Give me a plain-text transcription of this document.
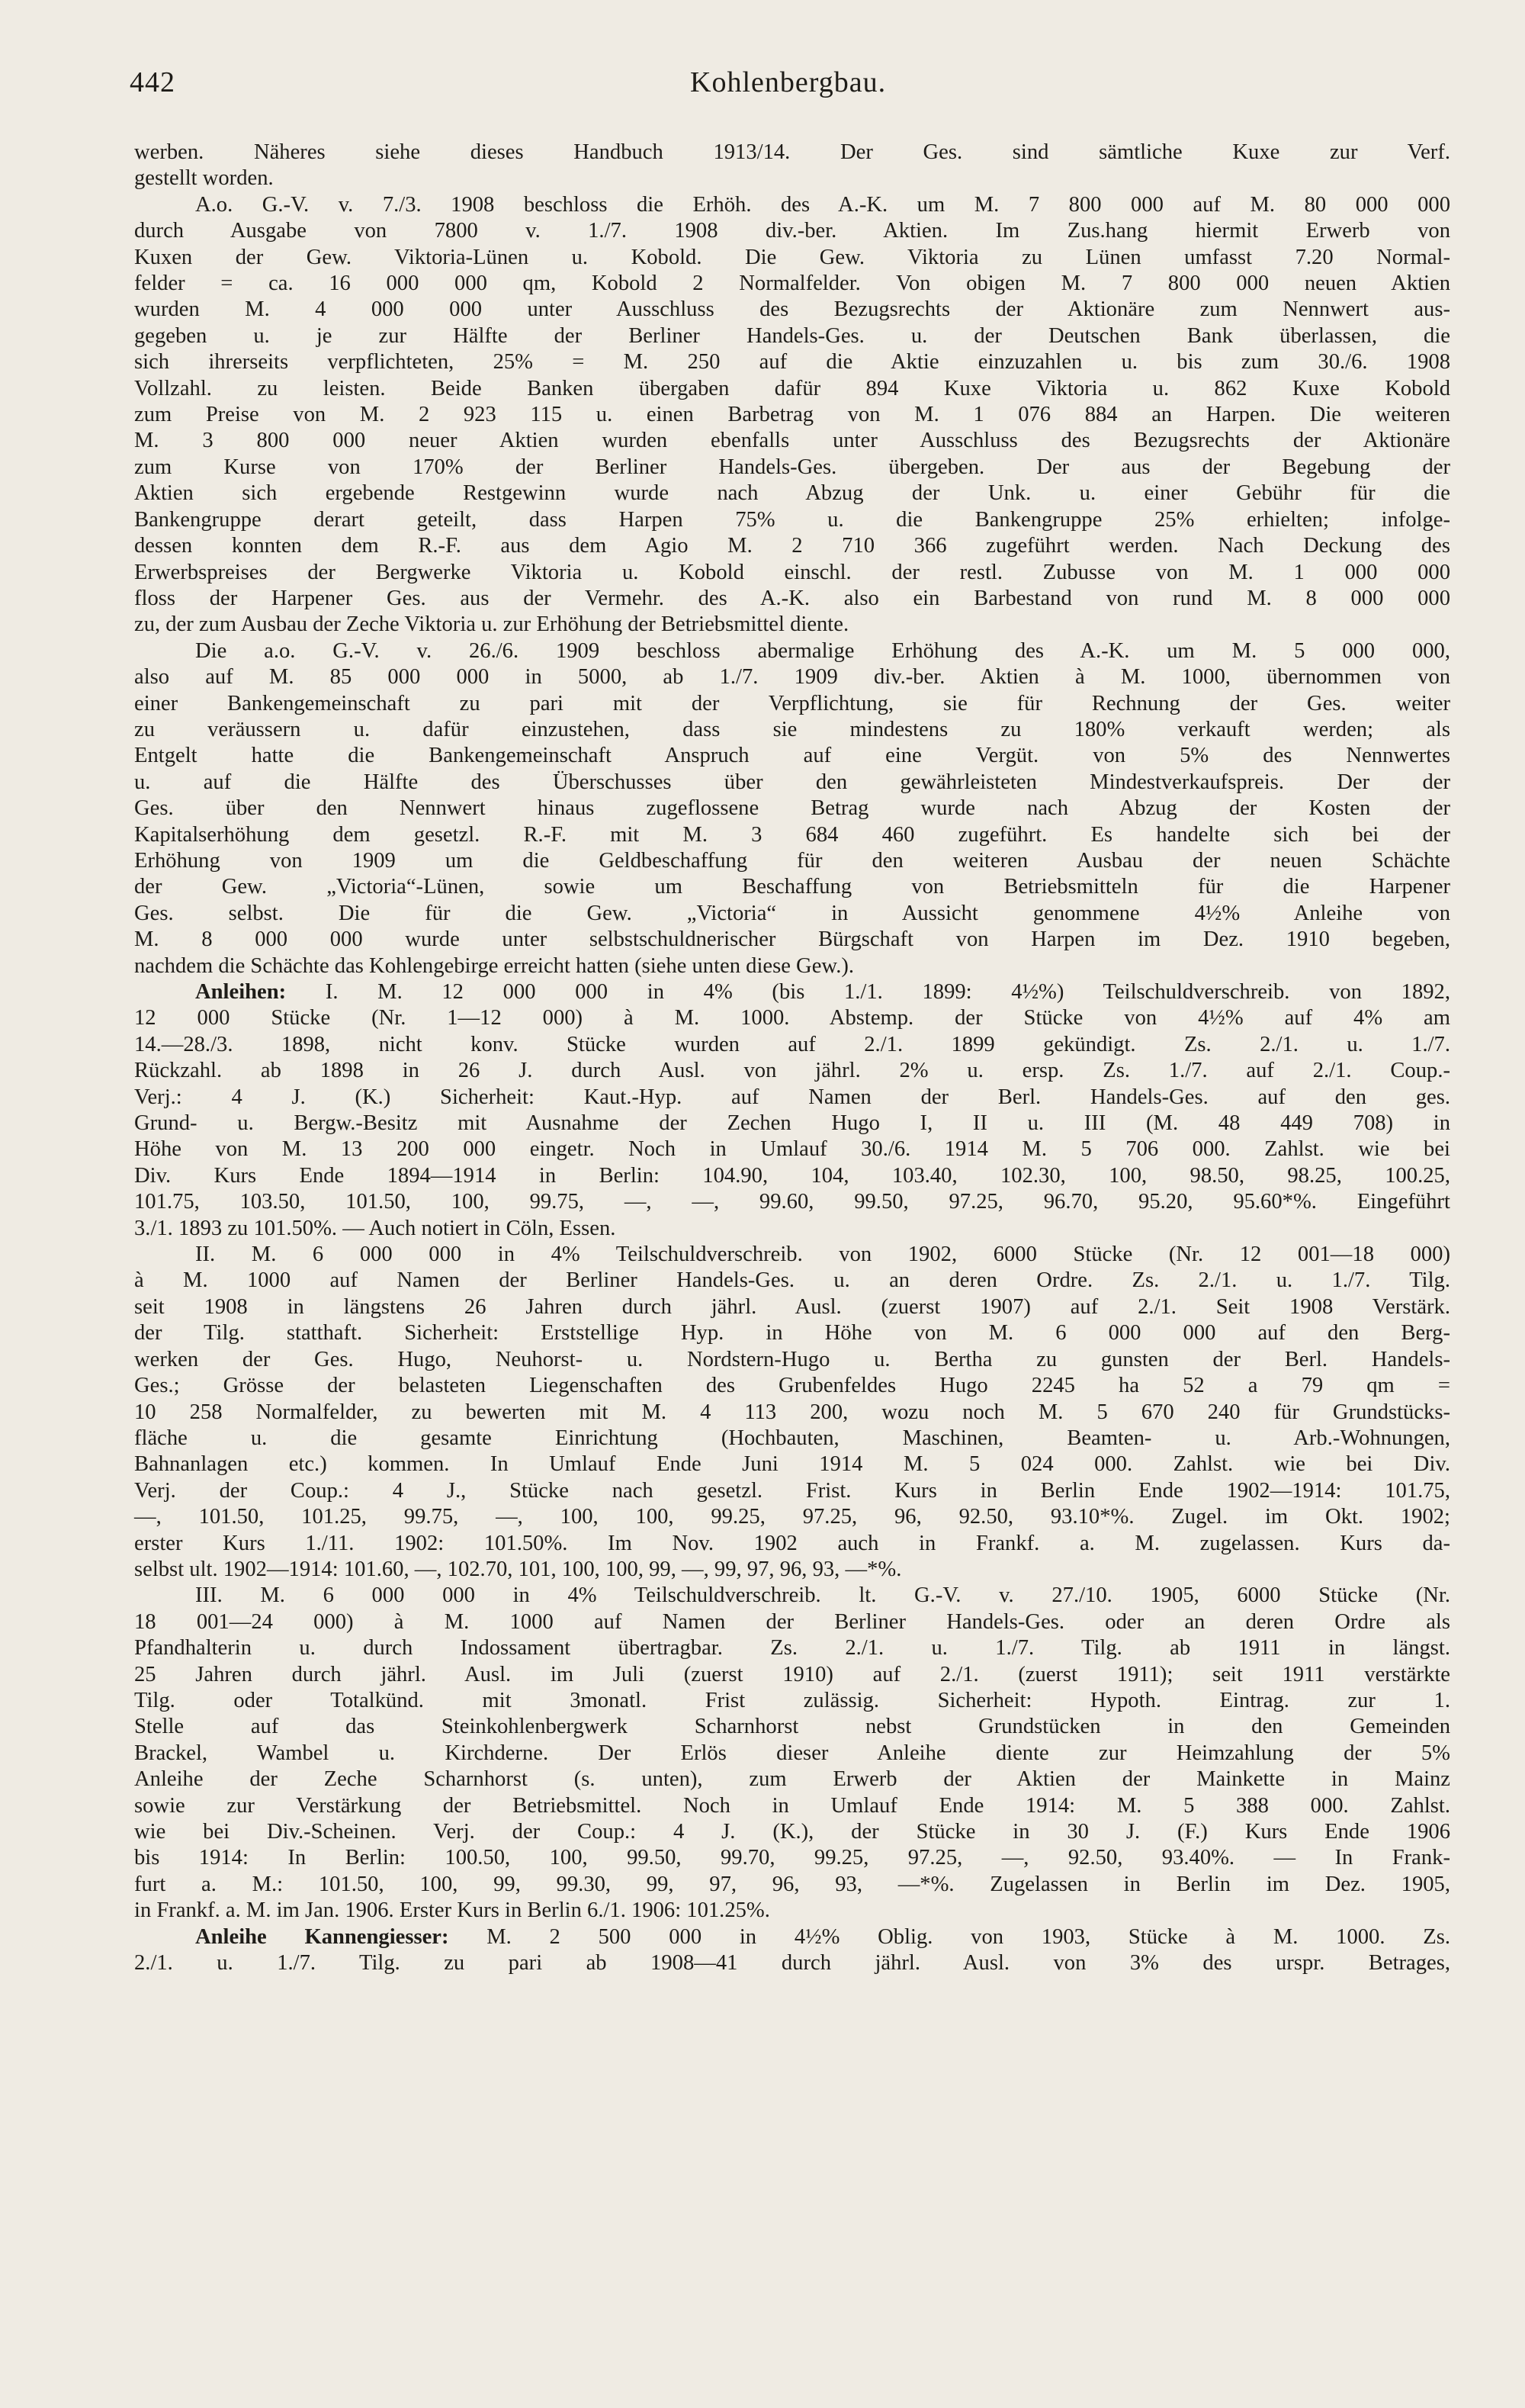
442	Kohlenbergbau.

werben. Näheres siehe dieses Handbuch 1913/14. Der Ges. sind sämtliche Kuxe zur Verf.

gestellt worden.

A.o. G.-V. v. 7./3. 1908 beschloss die Erhöh. des A.-K. um M. 7 800 000 auf M. 80 000 000

durch Ausgabe von 7800 v. 1./7. 1908 div.-ber. Aktien. Im Zus.hang hiermit Erwerb von

Kuxen der Gew. Viktoria-Lünen u. Kobold. Die Gew. Viktoria zu Lünen umfasst 7.20 Normal-

felder = ca. 16 000 000 qm, Kobold 2 Normalfelder. Von obigen M. 7 800 000 neuen Aktien

wurden M. 4 000 000 unter Ausschluss des Bezugsrechts der Aktionäre zum Nennwert aus-

gegeben u. je zur Hälfte der Berliner Handels-Ges. u. der Deutschen Bank überlassen, die

sich ihrerseits verpflichteten, 25% = M. 250 auf die Aktie einzuzahlen u. bis zum 30./6. 1908

Vollzahl. zu leisten. Beide Banken übergaben dafür 894 Kuxe Viktoria u. 862 Kuxe Kobold

zum Preise von M. 2 923 115 u. einen Barbetrag von M. 1 076 884 an Harpen. Die weiteren

M. 3 800 000 neuer Aktien wurden ebenfalls unter Ausschluss des Bezugsrechts der Aktionäre

zum Kurse von 170% der Berliner Handels-Ges. übergeben. Der aus der Begebung der

Aktien sich ergebende Restgewinn wurde nach Abzug der Unk. u. einer Gebühr für die

Bankengruppe derart geteilt, dass Harpen 75% u. die Bankengruppe 25% erhielten; infolge-

dessen konnten dem R.-F. aus dem Agio M. 2 710 366 zugeführt werden. Nach Deckung des

Erwerbspreises der Bergwerke Viktoria u. Kobold einschl. der restl. Zubusse von M. 1 000 000

floss der Harpener Ges. aus der Vermehr. des A.-K. also ein Barbestand von rund M. 8 000 000

zu, der zum Ausbau der Zeche Viktoria u. zur Erhöhung der Betriebsmittel diente.

Die a.o. G.-V. v. 26./6. 1909 beschloss abermalige Erhöhung des A.-K. um M. 5 000 000,

also auf M. 85 000 000 in 5000, ab 1./7. 1909 div.-ber. Aktien à M. 1000, übernommen von

einer Bankengemeinschaft zu pari mit der Verpflichtung, sie für Rechnung der Ges. weiter

zu veräussern u. dafür einzustehen, dass sie mindestens zu 180% verkauft werden; als

Entgelt hatte die Bankengemeinschaft Anspruch auf eine Vergüt. von 5% des Nennwertes

u. auf die Hälfte des Überschusses über den gewährleisteten Mindestverkaufspreis. Der der

Ges. über den Nennwert hinaus zugeflossene Betrag wurde nach Abzug der Kosten der

Kapitalserhöhung dem gesetzl. R.-F. mit M. 3 684 460 zugeführt. Es handelte sich bei der

Erhöhung von 1909 um die Geldbeschaffung für den weiteren Ausbau der neuen Schächte

der Gew. „Victoria“-Lünen, sowie um Beschaffung von Betriebsmitteln für die Harpener

Ges. selbst. Die für die Gew. „Victoria“ in Aussicht genommene 4½% Anleihe von

M. 8 000 000 wurde unter selbstschuldnerischer Bürgschaft von Harpen im Dez. 1910 begeben,

nachdem die Schächte das Kohlengebirge erreicht hatten (siehe unten diese Gew.).

Anleihen: I. M. 12 000 000 in 4% (bis 1./1. 1899: 4½%) Teilschuldverschreib. von 1892,

12 000 Stücke (Nr. 1—12 000) à M. 1000. Abstemp. der Stücke von 4½% auf 4% am

14.—28./3. 1898, nicht konv. Stücke wurden auf 2./1. 1899 gekündigt. Zs. 2./1. u. 1./7.

Rückzahl. ab 1898 in 26 J. durch Ausl. von jährl. 2% u. ersp. Zs. 1./7. auf 2./1. Coup.-

Verj.: 4 J. (K.) Sicherheit: Kaut.-Hyp. auf Namen der Berl. Handels-Ges. auf den ges.

Grund- u. Bergw.-Besitz mit Ausnahme der Zechen Hugo I, II u. III (M. 48 449 708) in

Höhe von M. 13 200 000 eingetr. Noch in Umlauf 30./6. 1914 M. 5 706 000. Zahlst. wie bei

Div. Kurs Ende 1894—1914 in Berlin: 104.90, 104, 103.40, 102.30, 100, 98.50, 98.25, 100.25,

101.75, 103.50, 101.50, 100, 99.75, —, —, 99.60, 99.50, 97.25, 96.70, 95.20, 95.60*%. Eingeführt

3./1. 1893 zu 101.50%. — Auch notiert in Cöln, Essen.

II. M. 6 000 000 in 4% Teilschuldverschreib. von 1902, 6000 Stücke (Nr. 12 001—18 000)

à M. 1000 auf Namen der Berliner Handels-Ges. u. an deren Ordre. Zs. 2./1. u. 1./7. Tilg.

seit 1908 in längstens 26 Jahren durch jährl. Ausl. (zuerst 1907) auf 2./1. Seit 1908 Verstärk.

der Tilg. statthaft. Sicherheit: Erststellige Hyp. in Höhe von M. 6 000 000 auf den Berg-

werken der Ges. Hugo, Neuhorst- u. Nordstern-Hugo u. Bertha zu gunsten der Berl. Handels-

Ges.; Grösse der belasteten Liegenschaften des Grubenfeldes Hugo 2245 ha 52 a 79 qm =

10 258 Normalfelder, zu bewerten mit M. 4 113 200, wozu noch M. 5 670 240 für Grundstücks-

fläche u. die gesamte Einrichtung (Hochbauten, Maschinen, Beamten- u. Arb.-Wohnungen,

Bahnanlagen etc.) kommen. In Umlauf Ende Juni 1914 M. 5 024 000. Zahlst. wie bei Div.

Verj. der Coup.: 4 J., Stücke nach gesetzl. Frist. Kurs in Berlin Ende 1902—1914: 101.75,

—, 101.50, 101.25, 99.75, —, 100, 100, 99.25, 97.25, 96, 92.50, 93.10*%. Zugel. im Okt. 1902;

erster Kurs 1./11. 1902: 101.50%. Im Nov. 1902 auch in Frankf. a. M. zugelassen. Kurs da-

selbst ult. 1902—1914: 101.60, —, 102.70, 101, 100, 100, 99, —, 99, 97, 96, 93, —*%.

III. M. 6 000 000 in 4% Teilschuldverschreib. lt. G.-V. v. 27./10. 1905, 6000 Stücke (Nr.

18 001—24 000) à M. 1000 auf Namen der Berliner Handels-Ges. oder an deren Ordre als

Pfandhalterin u. durch Indossament übertragbar. Zs. 2./1. u. 1./7. Tilg. ab 1911 in längst.

25 Jahren durch jährl. Ausl. im Juli (zuerst 1910) auf 2./1. (zuerst 1911); seit 1911 verstärkte

Tilg. oder Totalkünd. mit 3monatl. Frist zulässig. Sicherheit: Hypoth. Eintrag. zur 1.

Stelle auf das Steinkohlenbergwerk Scharnhorst nebst Grundstücken in den Gemeinden

Brackel, Wambel u. Kirchderne. Der Erlös dieser Anleihe diente zur Heimzahlung der 5%

Anleihe der Zeche Scharnhorst (s. unten), zum Erwerb der Aktien der Mainkette in Mainz

sowie zur Verstärkung der Betriebsmittel. Noch in Umlauf Ende 1914: M. 5 388 000. Zahlst.

wie bei Div.-Scheinen. Verj. der Coup.: 4 J. (K.), der Stücke in 30 J. (F.) Kurs Ende 1906

bis 1914: In Berlin: 100.50, 100, 99.50, 99.70, 99.25, 97.25, —, 92.50, 93.40%. — In Frank-

furt a. M.: 101.50, 100, 99, 99.30, 99, 97, 96, 93, —*%. Zugelassen in Berlin im Dez. 1905,

in Frankf. a. M. im Jan. 1906. Erster Kurs in Berlin 6./1. 1906: 101.25%.

Anleihe Kannengiesser: M. 2 500 000 in 4½% Oblig. von 1903, Stücke à M. 1000. Zs.

2./1. u. 1./7. Tilg. zu pari ab 1908—41 durch jährl. Ausl. von 3% des urspr. Betrages,
